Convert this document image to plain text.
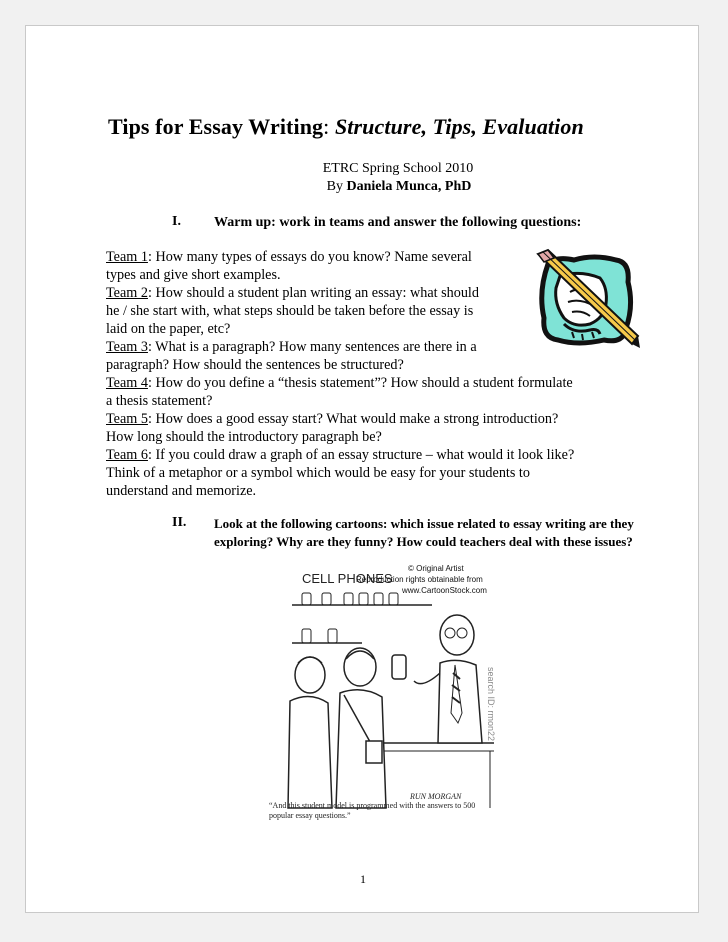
Tips for Essay Writing: Structure, Tips, Evaluation
ETRC Spring School 2010
By Daniela Munca, PhD
I. Warm up: work in teams and answer the following questions:
Team 1: How many types of essays do you know? Name several
types and give short examples.
Team 2: How should a student plan writing an essay: what should
he / she start with, what steps should be taken before the essay is
laid on the paper, etc?
Team 3: What is a paragraph? How many sentences are there in a
paragraph? How should the sentences be structured?
Team 4: How do you define a “thesis statement”? How should a student formulate
a thesis statement?
Team 5: How does a good essay start? What would make a strong introduction?
How long should the introductory paragraph be?
Team 6: If you could draw a graph of an essay structure – what would it look like?
Think of a metaphor or a symbol which would be easy for your students to
understand and memorize.
II. Look at the following cartoons: which issue related to essay writing are they exploring? Why are they funny? How could teachers deal with these issues?
CELL PHONES
© Original Artist
Reproduction rights obtainable from
www.CartoonStock.com
RUN MORGAN
search ID: rmon22
“And this student model is programmed with the answers to 500 popular essay questions.”
1
